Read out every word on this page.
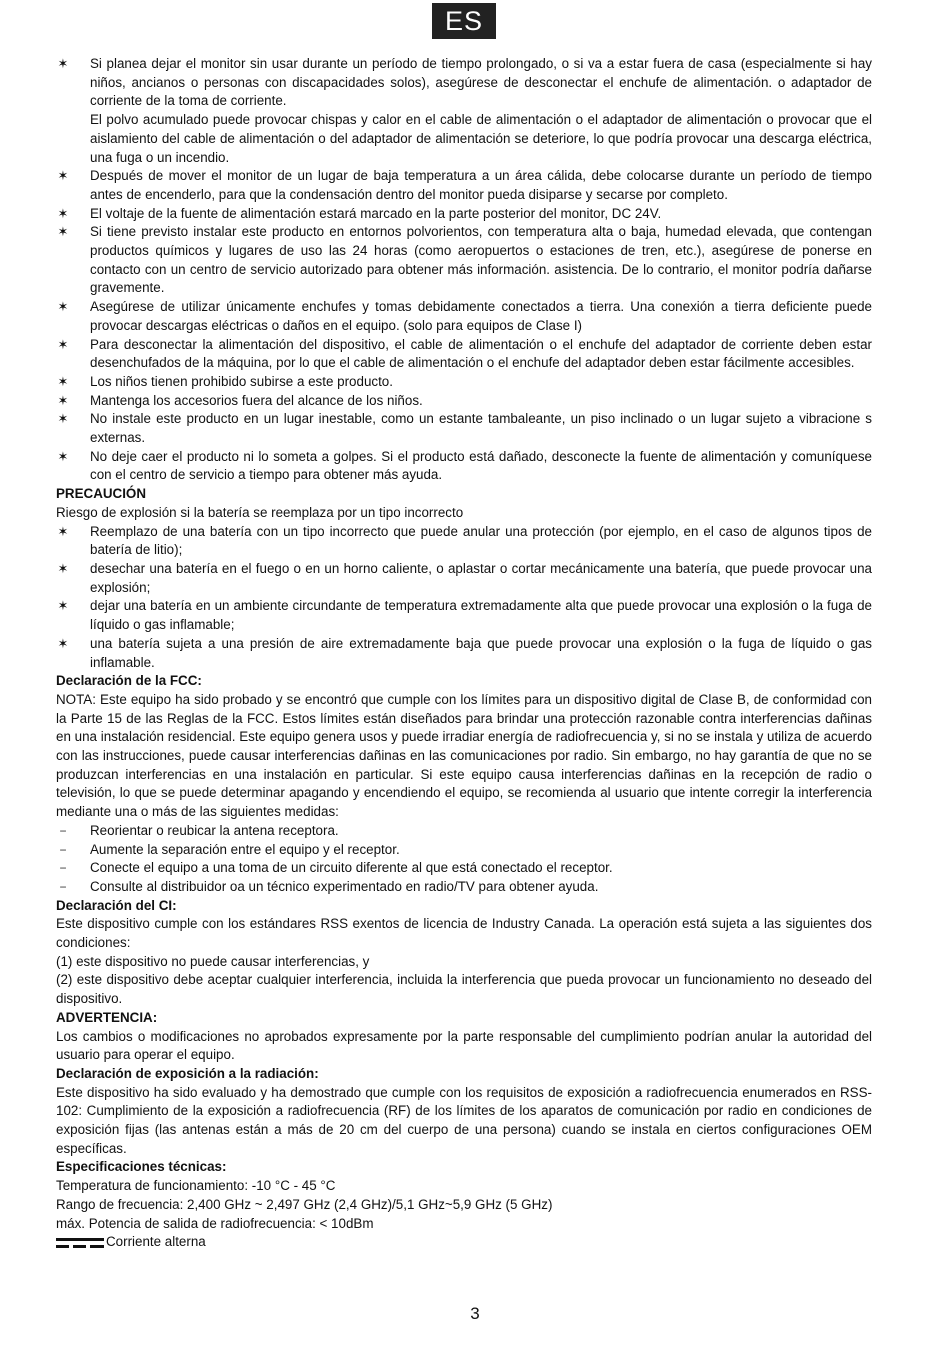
ES
✶ Si planea dejar el monitor sin usar durante un período de tiempo prolongado, o si va a estar fuera de casa (especialmente si hay niños, ancianos o personas con discapacidades solos), asegúrese de desconectar el enchufe de alimentación. o adaptador de corriente de la toma de corriente.
El polvo acumulado puede provocar chispas y calor en el cable de alimentación o el adaptador de alimentación o provocar que el aislamiento del cable de alimentación o del adaptador de alimentación se deteriore, lo que podría provocar una descarga eléctrica, una fuga o un incendio.
✶ Después de mover el monitor de un lugar de baja temperatura a un área cálida, debe colocarse durante un período de tiempo antes de encenderlo, para que la condensación dentro del monitor pueda disiparse y secarse por completo.
✶ El voltaje de la fuente de alimentación estará marcado en la parte posterior del monitor, DC 24V.
✶ Si tiene previsto instalar este producto en entornos polvorientos, con temperatura alta o baja, humedad elevada, que contengan productos químicos y lugares de uso las 24 horas (como aeropuertos o estaciones de tren, etc.), asegúrese de ponerse en contacto con un centro de servicio autorizado para obtener más información. asistencia. De lo contrario, el monitor podría dañarse gravemente.
✶ Asegúrese de utilizar únicamente enchufes y tomas debidamente conectados a tierra. Una conexión a tierra deficiente puede provocar descargas eléctricas o daños en el equipo. (solo para equipos de Clase I)
✶ Para desconectar la alimentación del dispositivo, el cable de alimentación o el enchufe del adaptador de corriente deben estar desenchufados de la máquina, por lo que el cable de alimentación o el enchufe del adaptador deben estar fácilmente accesibles.
✶ Los niños tienen prohibido subirse a este producto.
✶ Mantenga los accesorios fuera del alcance de los niños.
✶ No instale este producto en un lugar inestable, como un estante tambaleante, un piso inclinado o un lugar sujeto a vibracione s externas.
✶ No deje caer el producto ni lo someta a golpes. Si el producto está dañado, desconecte la fuente de alimentación y comuníquese con el centro de servicio a tiempo para obtener más ayuda.

PRECAUCIÓN

Riesgo de explosión si la batería se reemplaza por un tipo incorrecto

✶ Reemplazo de una batería con un tipo incorrecto que puede anular una protección (por ejemplo, en el caso de algunos tipos de batería de litio);
✶ desechar una batería en el fuego o en un horno caliente, o aplastar o cortar mecánicamente una batería, que puede provocar una explosión;
✶ dejar una batería en un ambiente circundante de temperatura extremadamente alta que puede provocar una explosión o la fuga de líquido o gas inflamable;
✶ una batería sujeta a una presión de aire extremadamente baja que puede provocar una explosión o la fuga de líquido o gas inflamable.

Declaración de la FCC:

NOTA: Este equipo ha sido probado y se encontró que cumple con los límites para un dispositivo digital de Clase B, de conformidad con la Parte 15 de las Reglas de la FCC. Estos límites están diseñados para brindar una protección razonable contra interferencias dañinas en una instalación residencial. Este equipo genera usos y puede irradiar energía de radiofrecuencia y, si no se instala y utiliza de acuerdo con las instrucciones, puede causar interferencias dañinas en las comunicaciones por radio. Sin embargo, no hay garantía de que no se produzcan interferencias en una instalación en particular. Si este equipo causa interferencias dañinas en la recepción de radio o televisión, lo que se puede determinar apagando y encendiendo el equipo, se recomienda al usuario que intente corregir la interferencia mediante una o más de las siguientes medidas:

− Reorientar o reubicar la antena receptora.
− Aumente la separación entre el equipo y el receptor.
− Conecte el equipo a una toma de un circuito diferente al que está conectado el receptor.
− Consulte al distribuidor oa un técnico experimentado en radio/TV para obtener ayuda.

Declaración del CI:

Este dispositivo cumple con los estándares RSS exentos de licencia de Industry Canada. La operación está sujeta a las siguientes dos condiciones:

(1) este dispositivo no puede causar interferencias, y

(2) este dispositivo debe aceptar cualquier interferencia, incluida la interferencia que pueda provocar un funcionamiento no deseado del dispositivo.

ADVERTENCIA:

Los cambios o modificaciones no aprobados expresamente por la parte responsable del cumplimiento podrían anular la autoridad del usuario para operar el equipo.

Declaración de exposición a la radiación:

Este dispositivo ha sido evaluado y ha demostrado que cumple con los requisitos de exposición a radiofrecuencia enumerados en RSS-102: Cumplimiento de la exposición a radiofrecuencia (RF) de los límites de los aparatos de comunicación por radio en condiciones de exposición fijas (las antenas están a más de 20 cm del cuerpo de una persona) cuando se instala en ciertos configuraciones OEM específicas.

Especificaciones técnicas:

Temperatura de funcionamiento: -10 °C - 45 °C

Rango de frecuencia: 2,400 GHz ~ 2,497 GHz (2,4 GHz)/5,1 GHz~5,9 GHz (5 GHz)

máx. Potencia de salida de radiofrecuencia: < 10dBm

Corriente alterna
3
